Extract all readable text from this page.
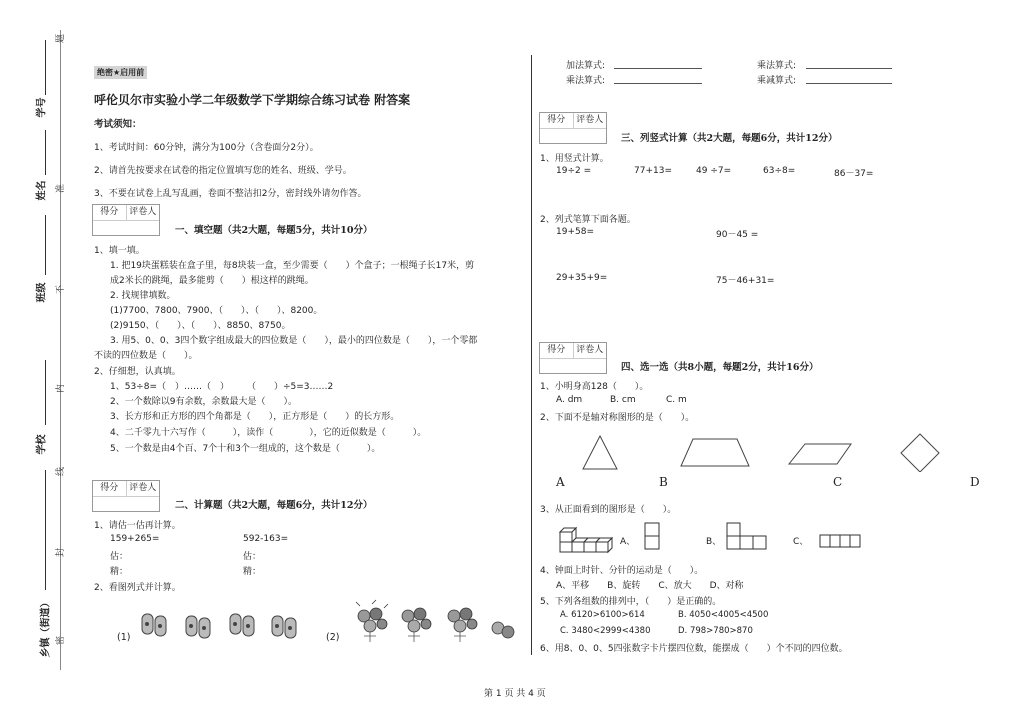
题
学号
准
姓名
不
班级
内
学校
线
封
乡镇（街道） 密
绝密★启用前
呼伦贝尔市实验小学二年级数学下学期综合练习试卷 附答案
考试须知：
1、考试时间：60分钟，满分为100分（含卷面分2分）。
2、请首先按要求在试卷的指定位置填写您的姓名、班级、学号。
3、不要在试卷上乱写乱画，卷面不整洁扣2分，密封线外请勿作答。
得分	评卷人
一、填空题（共2大题，每题5分，共计10分）
1、填一填。
1. 把19块蛋糕装在盒子里，每8块装一盒，至少需要（　　）个盒子；一根绳子长17米，剪
成2米长的跳绳，最多能剪（　　）根这样的跳绳。
2. 找规律填数。
(1)7700、7800、7900、（　　）、（　　）、8200。
(2)9150、（　　）、（　　）、8850、8750。
3. 用5、0、0、3四个数字组成最大的四位数是（　　），最小的四位数是（　　），一个零都
不读的四位数是（　　）。
2、仔细想，认真填。
1、53÷8=（　）……（　）　　　（　　）÷5=3……2
2、一个数除以9有余数，余数最大是（　　）。
3、长方形和正方形的四个角都是（　　），正方形是（　　）的长方形。
4、二千零九十六写作（　　　），读作（　　　　），它的近似数是（　　　）。
5、一个数是由4个百、7个十和3个一组成的，这个数是（　　　）。
得分	评卷人
二、计算题（共2大题，每题6分，共计12分）
1、请估一估再计算。
159+265=	592-163=
估：	估：
精：	精：
2、看图列式并计算。
(1)	(2)
加法算式:	乘法算式:
乘法算式:	乘减算式:
得分	评卷人
三、列竖式计算（共2大题，每题6分，共计12分）
1、用竖式计算。
19÷2 =	77+13=	49 ÷7=	63÷8=	86－37=
2、列式笔算下面各题。
19+58=	90－45 =
29+35+9=	75－46+31=
得分	评卷人
四、选一选（共8小题，每题2分，共计16分）
1、小明身高128（　　）。
A. dm	B. cm	C. m
2、下面不是轴对称图形的是（　　）。
A	B	C	D
3、从正面看到的图形是（　　）。
A、	B、	C、
4、钟面上时针、分针的运动是（　　）。
A、平移　　B、旋转　　C、放大　　D、对称
5、下列各组数的排列中，（　　）是正确的。
A. 6120>6100>614	B. 4050<4005<4500
C. 3480<2999<4380	D. 798>780>870
6、用8、0、0、5四张数字卡片摆四位数，能摆成（　　）个不同的四位数。
第 1 页 共 4 页
